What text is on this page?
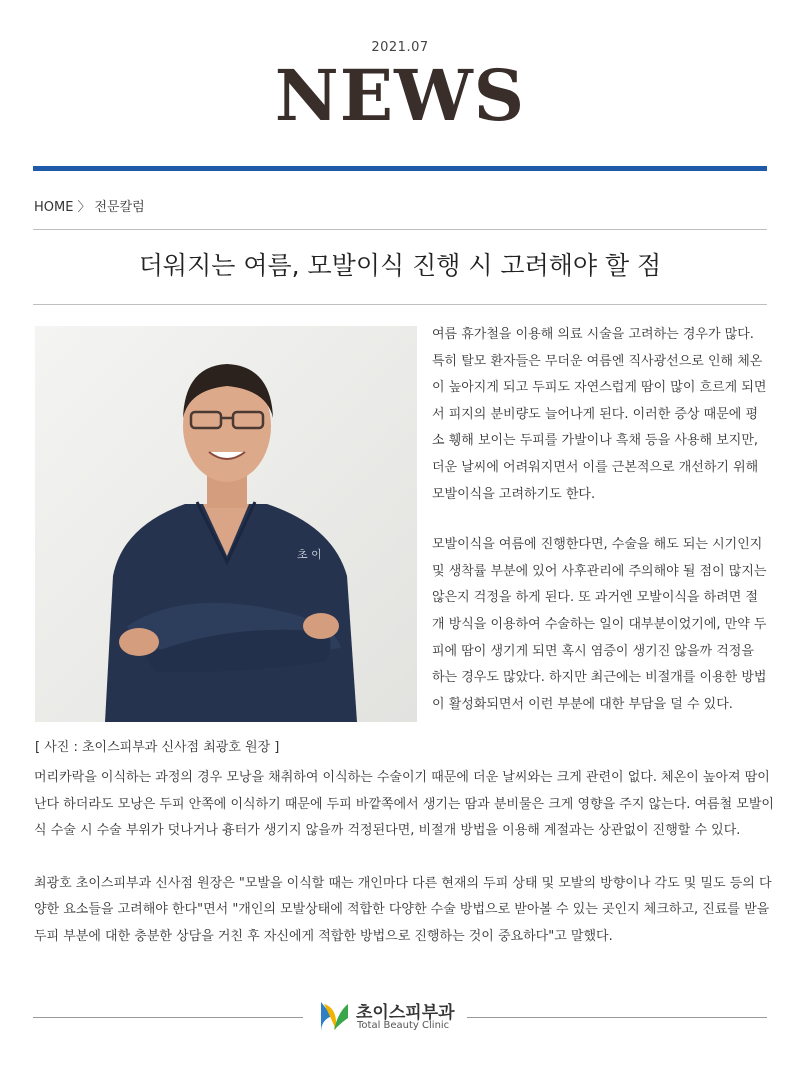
2021.07
NEWS
HOME 〉 전문칼럼
더워지는 여름, 모발이식 진행 시 고려해야 할 점
초 이
[ 사진 : 초이스피부과 신사점 최광호 원장 ]

여름 휴가철을 이용해 의료 시술을 고려하는 경우가 많다. 특히 탈모 환자들은 무더운 여름엔 직사광선으로 인해 체온이 높아지게 되고 두피도 자연스럽게 땀이 많이 흐르게 되면서 피지의 분비량도 늘어나게 된다. 이러한 증상 때문에 평소 휑해 보이는 두피를 가발이나 흑채 등을 사용해 보지만, 더운 날씨에 어려워지면서 이를 근본적으로 개선하기 위해 모발이식을 고려하기도 한다.

모발이식을 여름에 진행한다면, 수술을 해도 되는 시기인지 및 생착률 부분에 있어 사후관리에 주의해야 될 점이 많지는 않은지 걱정을 하게 된다. 또 과거엔 모발이식을 하려면 절개 방식을 이용하여 수술하는 일이 대부분이었기에, 만약 두피에 땀이 생기게 되면 혹시 염증이 생기진 않을까 걱정을 하는 경우도 많았다. 하지만 최근에는 비절개를 이용한 방법이 활성화되면서 이런 부분에 대한 부담을 덜 수 있다.

머리카락을 이식하는 과정의 경우 모낭을 채취하여 이식하는 수술이기 때문에 더운 날씨와는 크게 관련이 없다. 체온이 높아져 땀이 난다 하더라도 모낭은 두피 안쪽에 이식하기 때문에 두피 바깥쪽에서 생기는 땀과 분비물은 크게 영향을 주지 않는다. 여름철 모발이식 수술 시 수술 부위가 덧나거나 흉터가 생기지 않을까 걱정된다면, 비절개 방법을 이용해 계절과는 상관없이 진행할 수 있다.

최광호 초이스피부과 신사점 원장은 "모발을 이식할 때는 개인마다 다른 현재의 두피 상태 및 모발의 방향이나 각도 및 밀도 등의 다양한 요소들을 고려해야 한다"면서 "개인의 모발상태에 적합한 다양한 수술 방법으로 받아볼 수 있는 곳인지 체크하고, 진료를 받을 두피 부분에 대한 충분한 상담을 거친 후 자신에게 적합한 방법으로 진행하는 것이 중요하다"고 말했다.

초이스피부과
Total Beauty Clinic
